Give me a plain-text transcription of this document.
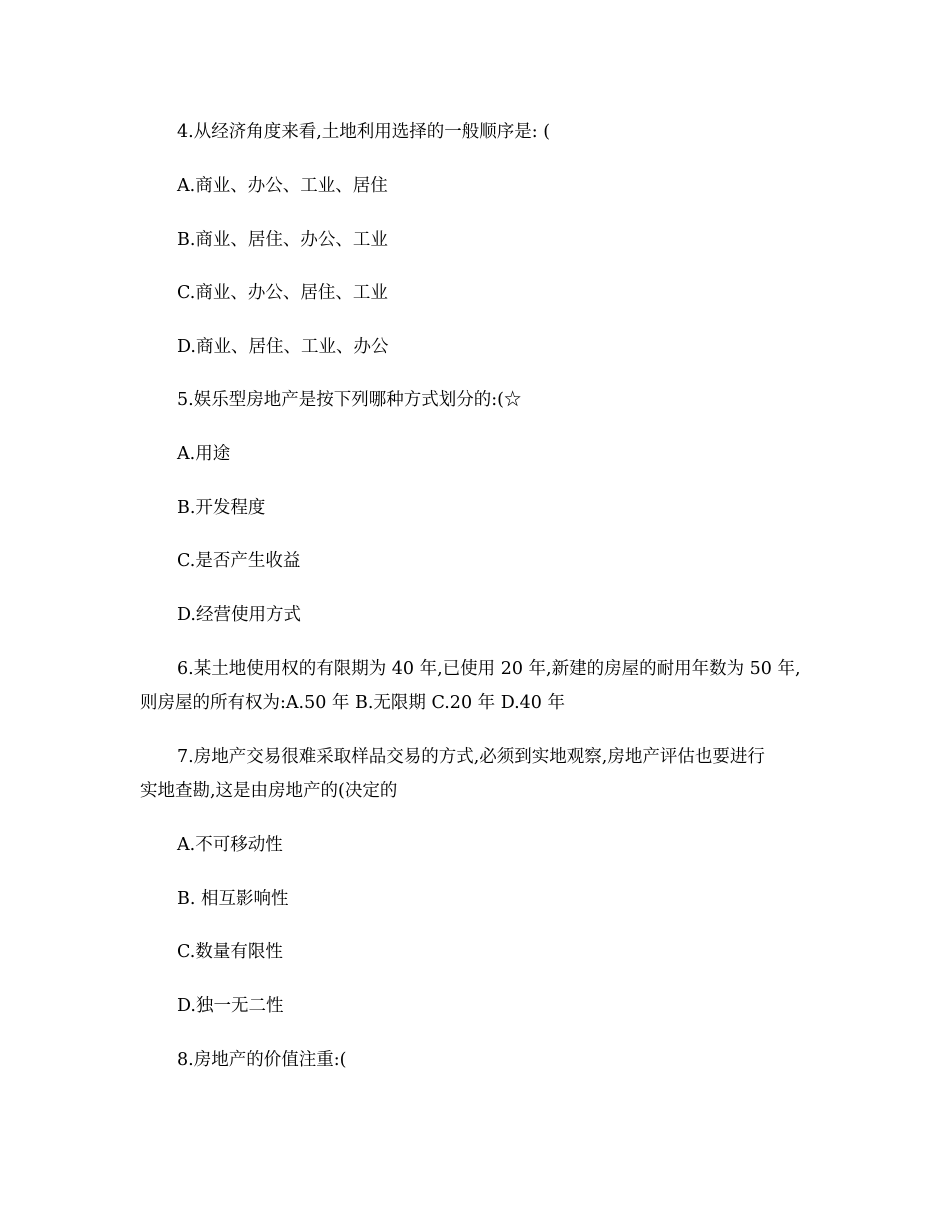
4.从经济角度来看,土地利用选择的一般顺序是: (
A.商业、办公、工业、居住
B.商业、居住、办公、工业
C.商业、办公、居住、工业
D.商业、居住、工业、办公
5.娱乐型房地产是按下列哪种方式划分的:(☆
A.用途
B.开发程度
C.是否产生收益
D.经营使用方式
6.某土地使用权的有限期为 40 年,已使用 20 年,新建的房屋的耐用年数为 50 年,
则房屋的所有权为:A.50 年 B.无限期 C.20 年 D.40 年
7.房地产交易很难采取样品交易的方式,必须到实地观察,房地产评估也要进行
实地查勘,这是由房地产的(决定的
A.不可移动性
B. 相互影响性
C.数量有限性
D.独一无二性
8.房地产的价值注重:(
